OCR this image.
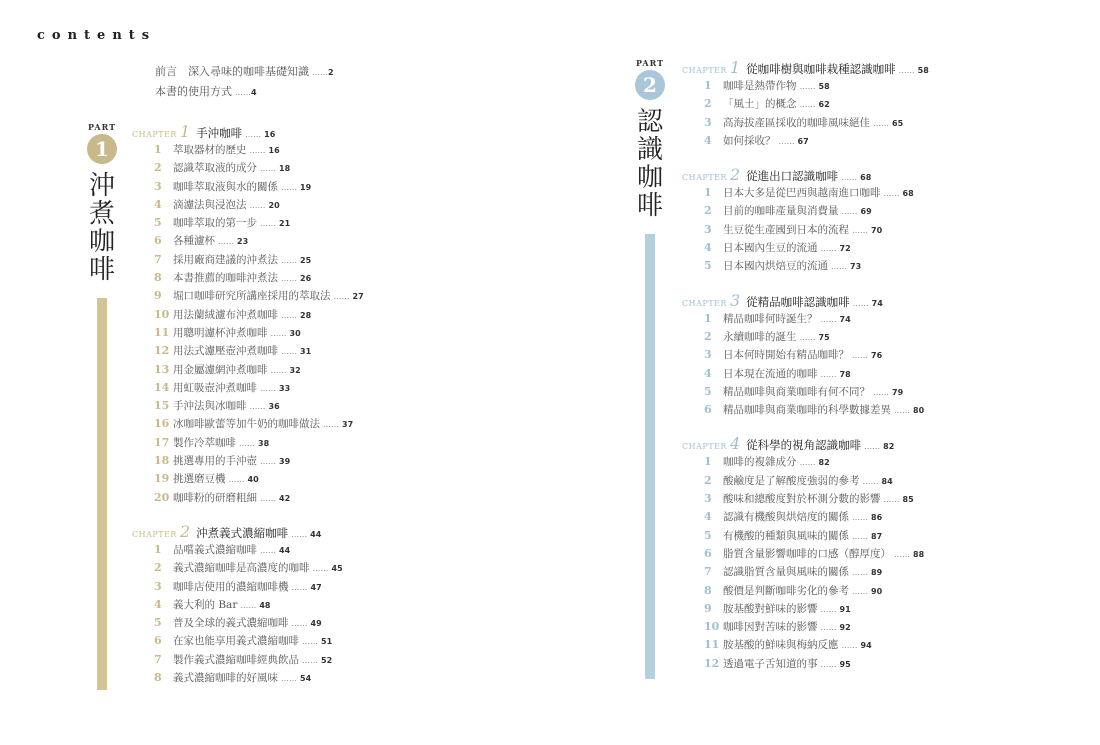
contents
前言　深入尋味的咖啡基礎知識 ……2
本書的使用方式 ……4
PART
1
沖
煮
咖
啡
PART
2
認
識
咖
啡
CHAPTER 1 手沖咖啡 …… 16
1	萃取器材的歷史 …… 16
2	認識萃取液的成分 …… 18
3	咖啡萃取液與水的關係 …… 19
4	滴濾法與浸泡法 …… 20
5	咖啡萃取的第一步 …… 21
6	各種濾杯 …… 23
7	採用廠商建議的沖煮法 …… 25
8	本書推薦的咖啡沖煮法 …… 26
9	堀口咖啡研究所講座採用的萃取法 …… 27
10 用法蘭絨濾布沖煮咖啡 …… 28
11 用聰明濾杯沖煮咖啡 …… 30
12 用法式濾壓壺沖煮咖啡 …… 31
13 用金屬濾網沖煮咖啡 …… 32
14 用虹吸壺沖煮咖啡 …… 33
15 手沖法與冰咖啡 …… 36
16 冰咖啡歐蕾等加牛奶的咖啡做法 …… 37
17 製作冷萃咖啡 …… 38
18 挑選專用的手沖壺 …… 39
19 挑選磨豆機 …… 40
20 咖啡粉的研磨粗細 …… 42
CHAPTER 2 沖煮義式濃縮咖啡 …… 44
1	品嚐義式濃縮咖啡 …… 44
2	義式濃縮咖啡是高濃度的咖啡 …… 45
3	咖啡店使用的濃縮咖啡機 …… 47
4	義大利的 Bar …… 48
5	普及全球的義式濃縮咖啡 …… 49
6	在家也能享用義式濃縮咖啡 …… 51
7	製作義式濃縮咖啡經典飲品 …… 52
8	義式濃縮咖啡的好風味 …… 54
CHAPTER 1 從咖啡樹與咖啡栽種認識咖啡 …… 58
1	咖啡是熱帶作物 …… 58
2	「風土」的概念 …… 62
3	高海拔產區採收的咖啡風味絕佳 …… 65
4	如何採收？ …… 67
CHAPTER 2 從進出口認識咖啡 …… 68
1	日本大多是從巴西與越南進口咖啡 …… 68
2	目前的咖啡產量與消費量 …… 69
3	生豆從生產國到日本的流程 …… 70
4	日本國內生豆的流通 …… 72
5	日本國內烘焙豆的流通 …… 73
CHAPTER 3 從精品咖啡認識咖啡 …… 74
1	精品咖啡何時誕生？ …… 74
2	永續咖啡的誕生 …… 75
3	日本何時開始有精品咖啡？ …… 76
4	日本現在流通的咖啡 …… 78
5	精品咖啡與商業咖啡有何不同？ …… 79
6	精品咖啡與商業咖啡的科學數據差異 …… 80
CHAPTER 4 從科學的視角認識咖啡 …… 82
1	咖啡的複雜成分 …… 82
2	酸鹼度是了解酸度強弱的參考 …… 84
3	酸味和總酸度對於杯測分數的影響 …… 85
4	認識有機酸與烘焙度的關係 …… 86
5	有機酸的種類與風味的關係 …… 87
6	脂質含量影響咖啡的口感（醇厚度） …… 88
7	認識脂質含量與風味的關係 …… 89
8	酸價是判斷咖啡劣化的參考 …… 90
9	胺基酸對鮮味的影響 …… 91
10 咖啡因對苦味的影響 …… 92
11 胺基酸的鮮味與梅納反應 …… 94
12 透過電子舌知道的事 …… 95
